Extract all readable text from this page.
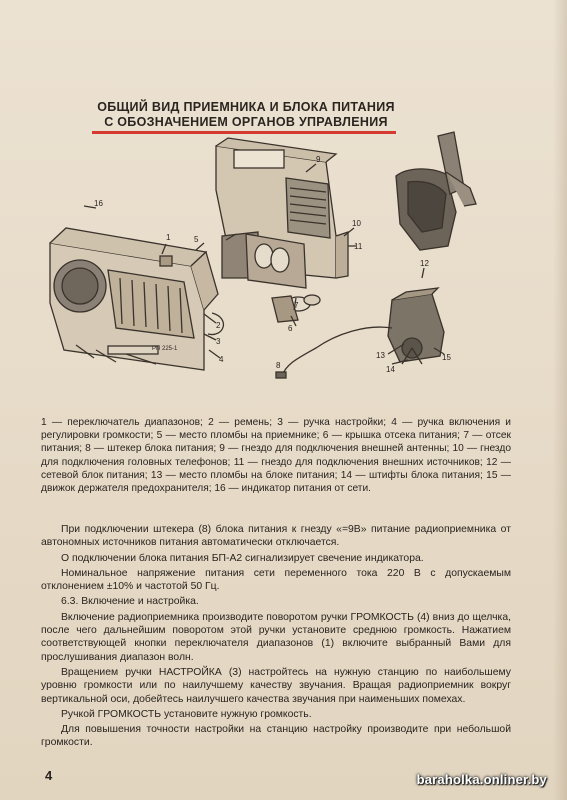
ОБЩИЙ ВИД ПРИЕМНИКА И БЛОКА ПИТАНИЯ
С ОБОЗНАЧЕНИЕМ ОРГАНОВ УПРАВЛЕНИЯ
16
1
2
3
4
5
6
8
7
9
10
11
12
13
14
15
РП 225-1
1 — переключатель диапазонов; 2 — ремень; 3 — ручка настройки; 4 — ручка включения и регулировки громкости; 5 — место пломбы на приемнике; 6 — крышка отсека питания; 7 — отсек питания; 8 — штекер блока питания; 9 — гнездо для подключения внешней антенны; 10 — гнездо для подключения головных телефонов; 11 — гнездо для подключения внешних источников; 12 — сетевой блок питания; 13 — место пломбы на блоке питания; 14 — штифты блока питания; 15 — движок держателя предохранителя; 16 — индикатор питания от сети.

При подключении штекера (8) блока питания к гнезду «=9В» питание радиоприемника от автономных источников питания автоматически отключается.

О подключении блока питания БП-А2 сигнализирует свечение индикатора.

Номинальное напряжение питания сети переменного тока 220 В с допускаемым отклонением ±10% и частотой 50 Гц.

6.3. Включение и настройка.

Включение радиоприемника производите поворотом ручки ГРОМКОСТЬ (4) вниз до щелчка, после чего дальнейшим поворотом этой ручки установите среднюю громкость. Нажатием соответствующей кнопки переключателя диапазонов (1) включите выбранный Вами для прослушивания диапазон волн.

Вращением ручки НАСТРОЙКА (3) настройтесь на нужную станцию по наибольшему уровню громкости или по наилучшему качеству звучания. Вращая радиоприемник вокруг вертикальной оси, добейтесь наилучшего качества звучания при наименьших помехах.

Ручкой ГРОМКОСТЬ установите нужную громкость.

Для повышения точности настройки на станцию настройку производите при небольшой громкости.

4	baraholka.onliner.by
